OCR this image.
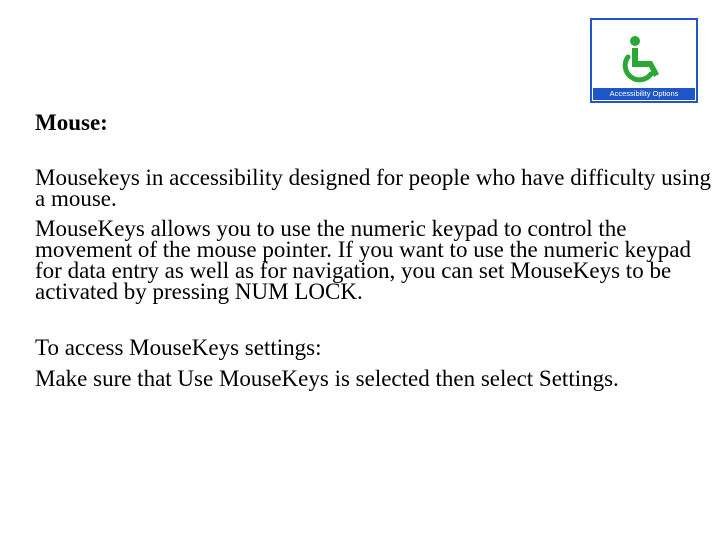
Accessibility Options

Mouse:

Mousekeys in accessibility designed for people who have difficulty using a mouse.

MouseKeys allows you to use the numeric keypad to control the movement of the mouse pointer. If you want to use the numeric keypad for data entry as well as for navigation, you can set MouseKeys to be activated by pressing NUM LOCK.

To access MouseKeys settings:

Make sure that Use MouseKeys is selected then select Settings.
